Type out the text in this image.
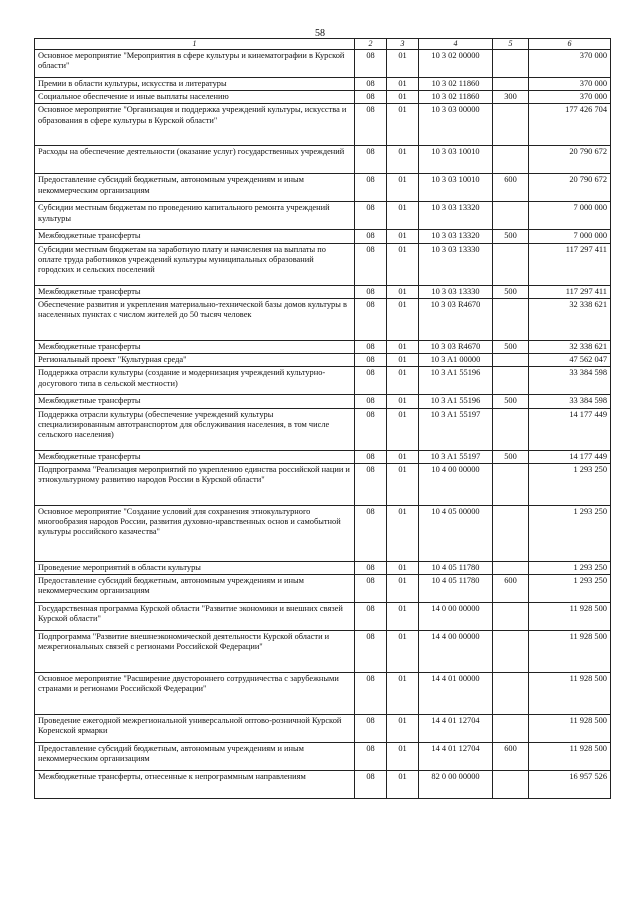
58
1	2	3	4	5	6
Основное мероприятие "Мероприятия в сфере культуры и кинематографии в Курской области"	08	01	10 3 02 00000		370 000
Премии в области культуры, искусства и литературы	08	01	10 3 02 11860		370 000
Социальное обеспечение и иные выплаты населению	08	01	10 3 02 11860	300	370 000
Основное мероприятие "Организация и поддержка учреждений культуры, искусства и образования в сфере культуры в Курской области"	08	01	10 3 03 00000		177 426 704
Расходы на обеспечение деятельности (оказание услуг) государственных учреждений	08	01	10 3 03 10010		20 790 672
Предоставление субсидий бюджетным, автономным учреждениям и иным некоммерческим организациям	08	01	10 3 03 10010	600	20 790 672
Субсидии местным бюджетам по проведению капитального ремонта учреждений культуры	08	01	10 3 03 13320		7 000 000
Межбюджетные трансферты	08	01	10 3 03 13320	500	7 000 000
Субсидии местным бюджетам на заработную плату и начисления на выплаты по оплате труда работников учреждений культуры муниципальных образований городских и сельских поселений	08	01	10 3 03 13330		117 297 411
Межбюджетные трансферты	08	01	10 3 03 13330	500	117 297 411
Обеспечение развития и укрепления материально-технической базы домов культуры в населенных пунктах с числом жителей до 50 тысяч человек	08	01	10 3 03 R4670		32 338 621
Межбюджетные трансферты	08	01	10 3 03 R4670	500	32 338 621
Региональный проект "Культурная среда"	08	01	10 3 A1 00000		47 562 047
Поддержка отрасли культуры (создание и модернизация учреждений культурно-досугового типа в сельской местности)	08	01	10 3 A1 55196		33 384 598
Межбюджетные трансферты	08	01	10 3 A1 55196	500	33 384 598
Поддержка отрасли культуры (обеспечение учреждений культуры специализированным автотранспортом для обслуживания населения, в том числе сельского населения)	08	01	10 3 A1 55197		14 177 449
Межбюджетные трансферты	08	01	10 3 A1 55197	500	14 177 449
Подпрограмма "Реализация мероприятий по укреплению единства российской нации и этнокультурному развитию народов России в Курской области"	08	01	10 4 00 00000		1 293 250
Основное мероприятие "Создание условий для сохранения этнокультурного многообразия народов России, развития духовно-нравственных основ и самобытной культуры российского казачества"	08	01	10 4 05 00000		1 293 250
Проведение мероприятий в области культуры	08	01	10 4 05 11780		1 293 250
Предоставление субсидий бюджетным, автономным учреждениям и иным некоммерческим организациям	08	01	10 4 05 11780	600	1 293 250
Государственная программа Курской области "Развитие экономики и внешних связей Курской области"	08	01	14 0 00 00000		11 928 500
Подпрограмма "Развитие внешнеэкономической деятельности Курской области и межрегиональных связей с регионами Российской Федерации"	08	01	14 4 00 00000		11 928 500
Основное мероприятие "Расширение двустороннего сотрудничества с зарубежными странами и регионами Российской Федерации"	08	01	14 4 01 00000		11 928 500
Проведение ежегодной межрегиональной универсальной оптово-розничной Курской Коренской ярмарки	08	01	14 4 01 12704		11 928 500
Предоставление субсидий бюджетным, автономным учреждениям и иным некоммерческим организациям	08	01	14 4 01 12704	600	11 928 500
Межбюджетные трансферты, отнесенные к непрограммным направлениям	08	01	82 0 00 00000		16 957 526
